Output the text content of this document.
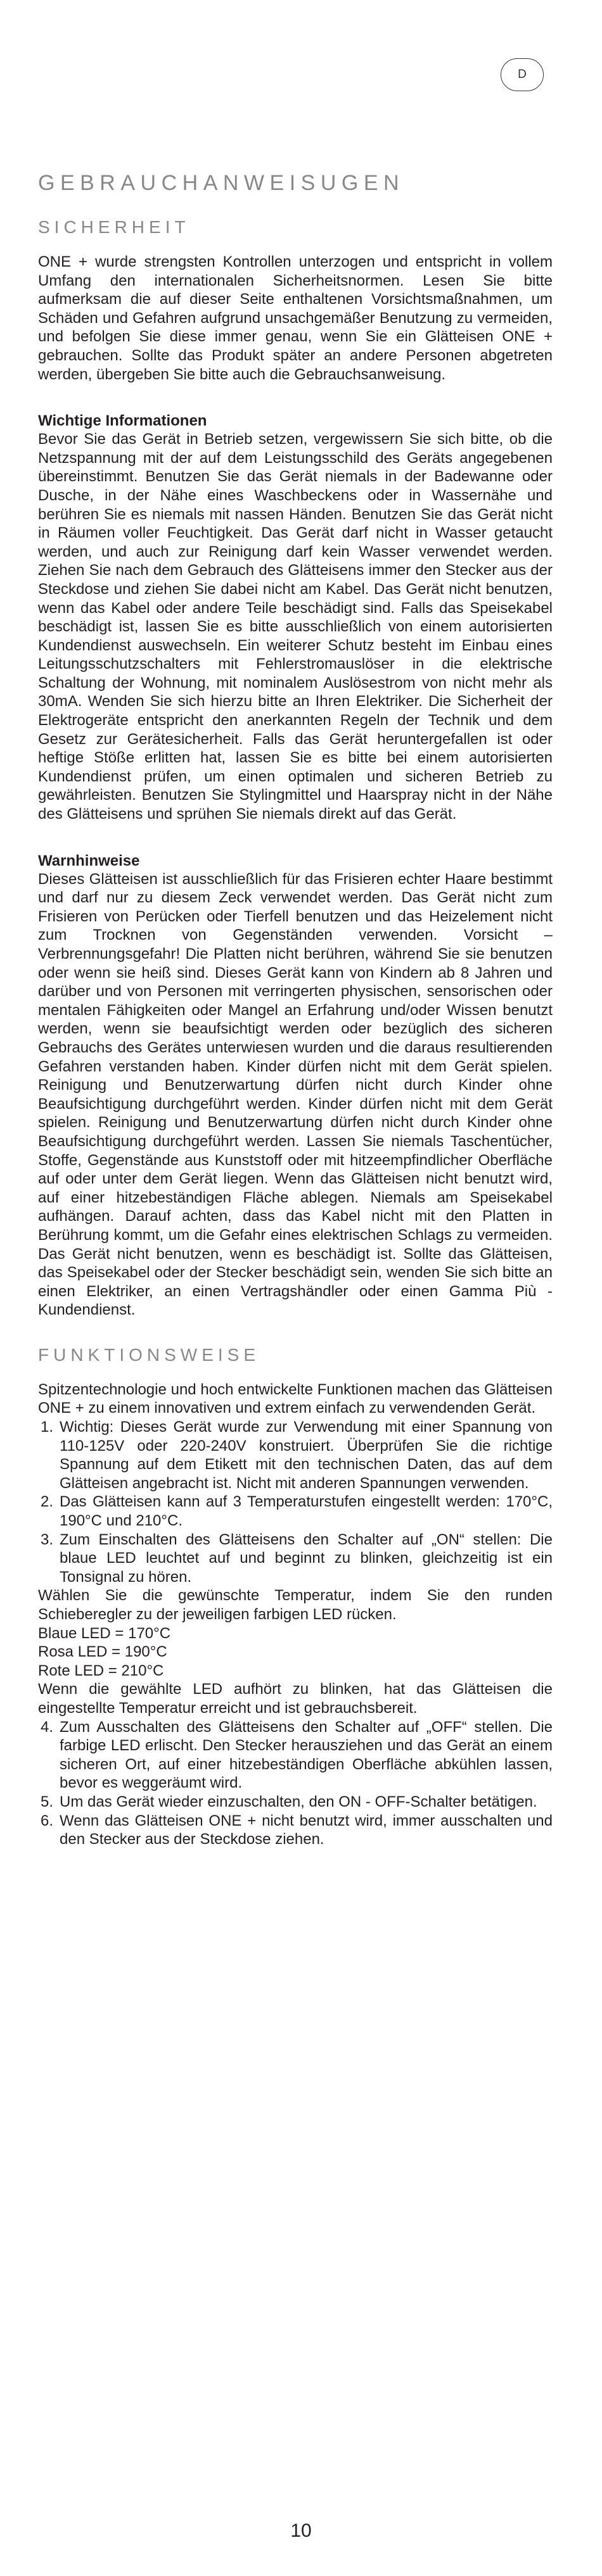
D
GEBRAUCHANWEISUGEN
SICHERHEIT

ONE + wurde strengsten Kontrollen unterzogen und entspricht in vollem Umfang den internationalen Sicherheitsnormen. Lesen Sie bitte aufmerksam die auf dieser Seite enthaltenen Vorsichtsmaßnahmen, um Schäden und Gefahren aufgrund unsachgemäßer Benutzung zu vermeiden, und befolgen Sie diese immer genau, wenn Sie ein Glätteisen ONE + gebrauchen. Sollte das Produkt später an andere Personen abgetreten werden, übergeben Sie bitte auch die Gebrauchsanweisung.

Wichtige Informationen

Bevor Sie das Gerät in Betrieb setzen, vergewissern Sie sich bitte, ob die Netzspannung mit der auf dem Leistungsschild des Geräts angegebenen übereinstimmt. Benutzen Sie das Gerät niemals in der Badewanne oder Dusche, in der Nähe eines Waschbeckens oder in Wassernähe und berühren Sie es niemals mit nassen Händen. Benutzen Sie das Gerät nicht in Räumen voller Feuchtigkeit. Das Gerät darf nicht in Wasser getaucht werden, und auch zur Reinigung darf kein Wasser verwendet werden. Ziehen Sie nach dem Gebrauch des Glätteisens immer den Stecker aus der Steckdose und ziehen Sie dabei nicht am Kabel. Das Gerät nicht benutzen, wenn das Kabel oder andere Teile beschädigt sind. Falls das Speisekabel beschädigt ist, lassen Sie es bitte ausschließlich von einem autorisierten Kundendienst auswechseln. Ein weiterer Schutz besteht im Einbau eines Leitungsschutzschalters mit Fehlerstromauslöser in die elektrische Schaltung der Wohnung, mit nominalem Auslösestrom von nicht mehr als 30mA. Wenden Sie sich hierzu bitte an Ihren Elektriker. Die Sicherheit der Elektrogeräte entspricht den anerkannten Regeln der Technik und dem Gesetz zur Gerätesicherheit. Falls das Gerät heruntergefallen ist oder heftige Stöße erlitten hat, lassen Sie es bitte bei einem autorisierten Kundendienst prüfen, um einen optimalen und sicheren Betrieb zu gewährleisten. Benutzen Sie Stylingmittel und Haarspray nicht in der Nähe des Glätteisens und sprühen Sie niemals direkt auf das Gerät.

Warnhinweise

Dieses Glätteisen ist ausschließlich für das Frisieren echter Haare bestimmt und darf nur zu diesem Zeck verwendet werden. Das Gerät nicht zum Frisieren von Perücken oder Tierfell benutzen und das Heizelement nicht zum Trocknen von Gegenständen verwenden. Vorsicht – Verbrennungsgefahr! Die Platten nicht berühren, während Sie sie benutzen oder wenn sie heiß sind. Dieses Gerät kann von Kindern ab 8 Jahren und darüber und von Personen mit verringerten physischen, sensorischen oder mentalen Fähigkeiten oder Mangel an Erfahrung und/oder Wissen benutzt werden, wenn sie beaufsichtigt werden oder bezüglich des sicheren Gebrauchs des Gerätes unterwiesen wurden und die daraus resultierenden Gefahren verstanden haben. Kinder dürfen nicht mit dem Gerät spielen. Reinigung und Benutzerwartung dürfen nicht durch Kinder ohne Beaufsichtigung durchgeführt werden. Kinder dürfen nicht mit dem Gerät spielen. Reinigung und Benutzerwartung dürfen nicht durch Kinder ohne Beaufsichtigung durchgeführt werden. Lassen Sie niemals Taschentücher, Stoffe, Gegenstände aus Kunststoff oder mit hitzeempfindlicher Oberfläche auf oder unter dem Gerät liegen. Wenn das Glätteisen nicht benutzt wird, auf einer hitzebeständigen Fläche ablegen. Niemals am Speisekabel aufhängen. Darauf achten, dass das Kabel nicht mit den Platten in Berührung kommt, um die Gefahr eines elektrischen Schlags zu vermeiden. Das Gerät nicht benutzen, wenn es beschädigt ist. Sollte das Glätteisen, das Speisekabel oder der Stecker beschädigt sein, wenden Sie sich bitte an einen Elektriker, an einen Vertragshändler oder einen Gamma Più - Kundendienst.

FUNKTIONSWEISE

Spitzentechnologie und hoch entwickelte Funktionen machen das Glätteisen ONE + zu einem innovativen und extrem einfach zu verwendenden Gerät.

1. Wichtig: Dieses Gerät wurde zur Verwendung mit einer Spannung von 110-125V oder 220-240V konstruiert. Überprüfen Sie die richtige Spannung auf dem Etikett mit den technischen Daten, das auf dem Glätteisen angebracht ist. Nicht mit anderen Spannungen verwenden.
2. Das Glätteisen kann auf 3 Temperaturstufen eingestellt werden: 170°C, 190°C und 210°C.
3. Zum Einschalten des Glätteisens den Schalter auf „ON“ stellen: Die blaue LED leuchtet auf und beginnt zu blinken, gleichzeitig ist ein Tonsignal zu hören.

Wählen Sie die gewünschte Temperatur, indem Sie den runden Schieberegler zu der jeweiligen farbigen LED rücken.

Blaue LED = 170°C

Rosa LED = 190°C

Rote LED = 210°C

Wenn die gewählte LED aufhört zu blinken, hat das Glätteisen die eingestellte Temperatur erreicht und ist gebrauchsbereit.

4. Zum Ausschalten des Glätteisens den Schalter auf „OFF“ stellen. Die farbige LED erlischt. Den Stecker herausziehen und das Gerät an einem sicheren Ort, auf einer hitzebeständigen Oberfläche abkühlen lassen, bevor es weggeräumt wird.
5. Um das Gerät wieder einzuschalten, den ON - OFF-Schalter betätigen.
6. Wenn das Glätteisen ONE + nicht benutzt wird, immer ausschalten und den Stecker aus der Steckdose ziehen.
10
